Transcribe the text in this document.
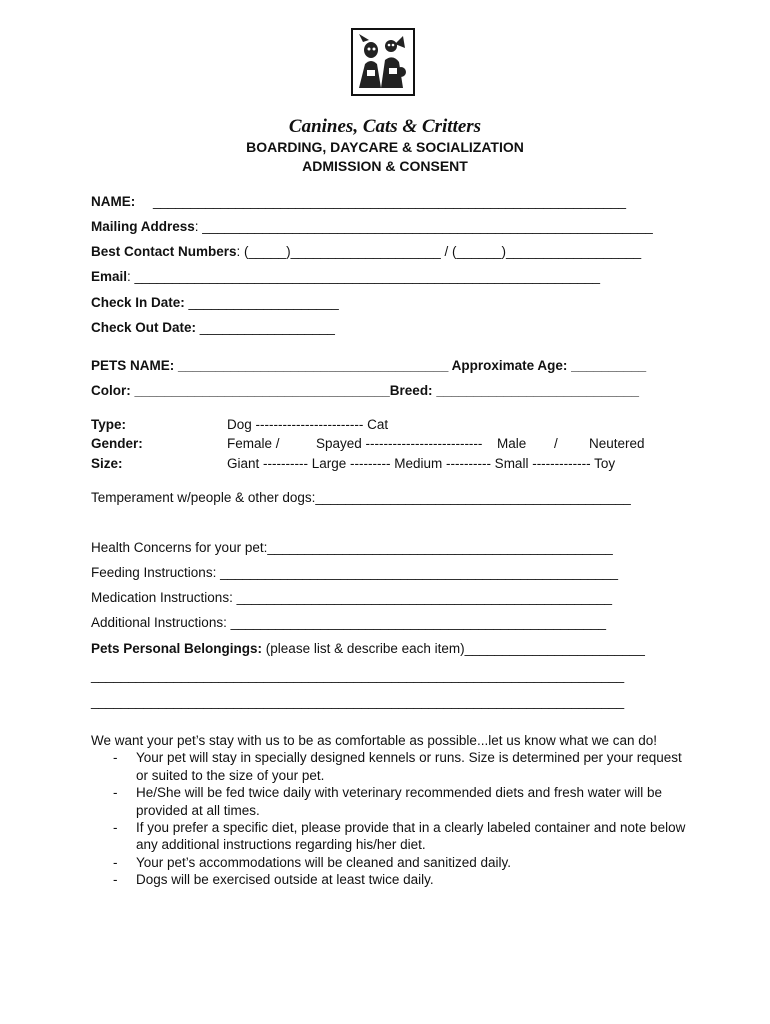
Canines, Cats & Critters
BOARDING, DAYCARE & SOCIALIZATION
ADMISSION & CONSENT
NAME: _______________________________________________________________
Mailing Address: ____________________________________________________________
Best Contact Numbers: (_____)____________________ / (______)__________________
Email: ______________________________________________________________
Check In Date: ____________________
Check Out Date: __________________
PETS NAME: ____________________________________ Approximate Age: __________
Color: __________________________________Breed: ___________________________
Type:	Dog ------------------------ Cat
Gender:	Female /	Spayed -------------------------- Male / Neutered
Size:	Giant ---------- Large --------- Medium ---------- Small ------------- Toy
Temperament w/people & other dogs:__________________________________________
Health Concerns for your pet:______________________________________________
Feeding Instructions: _____________________________________________________
Medication Instructions: __________________________________________________
Additional Instructions: __________________________________________________
Pets Personal Belongings: (please list & describe each item)________________________
_______________________________________________________________________
_______________________________________________________________________
We want your pet’s stay with us to be as comfortable as possible...let us know what we can do!
- Your pet will stay in specially designed kennels or runs. Size is determined per your request or suited to the size of your pet.
- He/She will be fed twice daily with veterinary recommended diets and fresh water will be provided at all times.
- If you prefer a specific diet, please provide that in a clearly labeled container and note below any additional instructions regarding his/her diet.
- Your pet’s accommodations will be cleaned and sanitized daily.
- Dogs will be exercised outside at least twice daily.
